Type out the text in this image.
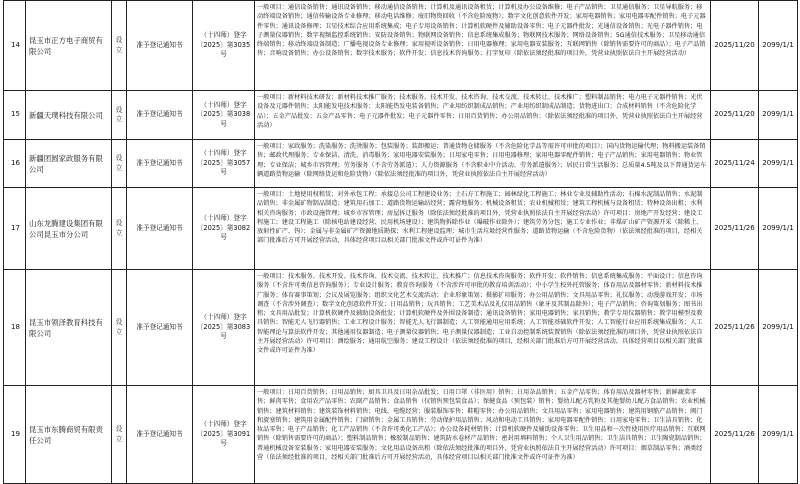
14	昆玉市正方电子商贸有限公司	设立	准予登记通知书	（十四师）登字〔2025〕第3035号	一般项目：通信设备销售；通讯设备销售；移动通信设备销售；计算机及通讯设备租赁；计算机及办公设备维修；电子产品销售；卫星通信服务；卫星导航服务；移动终端设备销售；通信传输设备专业修理；移动电话维修；废旧物资回收（不含危险废物）；数字文化创意软件开发；家用电器销售；家用电器零配件销售；电子元器件零售；通讯设备修理；卫星技术综合应用系统集成；电子专用设备销售；计算机软硬件及辅助设备零售；电子元器件批发；光通信设备销售；光电子器件销售；电子测量仪器销售；数字视频监控系统销售；安防设备销售；物联网设备销售；信息系统集成服务；物联网技术服务；网络设备销售；5G通信技术服务；卫星移动通信终端销售；移动终端设备制造；广播电视设备专业修理；家用视听设备销售；日用电器修理；家用电器安装服务；互联网销售（除销售需要许可的商品）；电子产品销售；音响设备销售；办公设备销售；数字技术服务；软件开发；信息技术咨询服务；打字复印（除依法须经批准的项目外，凭营业执照依法自主开展经营活动）	2025/11/20	2099/1/1
15	新疆天璞科技有限公司	设立	准予登记通知书	（十四师）登字〔2025〕第3038号	一般项目：新材料技术研发；新材料技术推广服务；技术服务、技术开发、技术咨询、技术交流、技术转让、技术推广；塑料制品销售；电力电子元器件销售；光伏设备及元器件销售；太阳能发电技术服务；太阳能热发电装备销售；产业用纺织制成品销售；产业用纺织制成品制造；货物进出口；合成材料销售（不含危险化学品）；五金产品批发；五金产品零售；电子元器件批发；电子元器件零售；日用百货销售；办公用品销售；（除依法须经批准的项目外，凭营业执照依法自主开展经营活动）	2025/11/20	2099/1/1
16	新疆团圆家政服务有限公司	设立	准予登记通知书	（十四师）登字〔2025〕第3057号	一般项目：家政服务；洗染服务；洗烫服务；包装服务；装卸搬运；普通货物仓储服务（不含危险化学品等需许可审批的项目）；国内货物运输代理；物料搬运装备销售；邮政代理服务；专业保洁、清洗、消毒服务；家用电器安装服务；日用家电零售；日用电器修理；家用电器零配件销售；电子产品销售；家用电器销售；物业管理；专业保洁；城乡市容管理；劳务服务（不含劳务派遣）；人力资源服务（不含职业中介活动、劳务派遣服务）；居民日常生活服务；总质量4.5吨及以下普通货运车辆道路货物运输（除网络货运和危险货物）（除依法须经批准的项目外，凭营业执照依法自主开展经营活动）	2025/11/24	2099/1/1
17	山东龙腾建设集团有限公司昆玉市分公司	设立	准予登记通知书	（十四师）登字〔2025〕第3082号	一般项目：土地使用权租赁；对外承包工程；承接总公司工程建设业务；土石方工程施工；园林绿化工程施工；林业专业及辅助性活动；石棉水泥制品销售；水泥制品销售；非金属矿物制品制造；建筑用石加工；道路货物运输站经营；露营地服务；机械设备租赁；农业机械租赁；建筑工程机械与设备租赁；特种设备出租；水利相关咨询服务；市政设施管理；城乡市容管理；房屋拆迁服务（除依法须经批准的项目外，凭营业执照依法自主开展经营活动）许可项目：房地产开发经营；建设工程施工；建设工程施工（除核电站建设经营、民用机场建设）；建筑物拆除作业（爆破作业除外）；建筑劳务分包；施工专业作业；非煤矿山矿产资源开采（除稀土、放射性矿产、钨）；金属与非金属矿产资源地质勘探；水利工程建设监理；城市生活垃圾经营性服务；道路货物运输（不含危险货物）（依法须经批准的项目，经相关部门批准后方可开展经营活动，具体经营项目以相关部门批准文件或许可证件为准）	2025/11/26	2099/1/1
18	昆玉市领泽教育科技有限公司	设立	准予登记通知书	（十四师）登字〔2025〕第3083号	一般项目：技术服务、技术开发、技术咨询、技术交流、技术转让、技术推广；信息技术咨询服务；软件开发；软件销售；信息系统集成服务；平面设计；信息咨询服务（不含许可类信息咨询服务）；专业设计服务；教育咨询服务（不含涉许可审批的教育培训活动）；中小学生校外托管服务；体育用品及器材零售；新材料技术推广服务；体育赛事策划；会议及展览服务；组织文化艺术交流活动；企业形象策划；摄影扩印服务；办公用品销售；文具用品零售；礼仪服务；动漫游戏开发；市场调查（不含涉外调查）；数字文化创意软件开发；日用品销售；玩具销售；工艺美术品及礼仪用品销售（象牙及其制品除外）；电子产品销售；咨询策划服务；图书出租；文具用品批发；计算机软硬件及辅助设备批发；计算机软硬件及外围设备制造；通讯设备销售；家用电器销售；家具销售；教学专用仪器销售；教学用模型及教具销售；智能无人飞行器销售；工业工程设计服务；智能无人飞行器制造；人工智能通用应用系统；人工智能基础软件开发；人工智能行业应用系统集成服务；人工智能理论与算法软件开发；其他通用仪器制造；电子测量仪器销售；电子测量仪器制造；工业自动控制系统装置销售（除依法须经批准的项目外，凭营业执照依法自主开展经营活动）许可项目：测绘服务；通用航空服务；建设工程设计（依法须经批准的项目，经相关部门批准后方可开展经营活动，具体经营项目以相关部门批准文件或许可证件为准）	2025/11/26	2099/1/1
19	昆玉市东腾商贸有限责任公司	设立	准予登记通知书	（十四师）登字〔2025〕第3091号	一般项目：日用百货销售；日用品销售；厨具卫具及日用杂品批发；日用口罩（非医用）销售；日用杂品销售；五金产品零售；体育用品及器材零售；新鲜蔬菜零售；鲜肉零售；食用农产品零售；农副产品销售；食品销售（仅销售预包装食品）；保健食品（预包装）销售；婴幼儿配方乳粉及其他婴幼儿配方食品销售；农业机械销售；建筑材料销售；建筑装饰材料销售；电线、电缆经营；服装服饰零售；鞋帽零售；办公用品销售；文具用品零售；家用电器销售；建筑用钢筋产品销售；阀门和旋塞销售；建筑用金属配件销售；门窗销售；金属工具销售；劳动保护用品销售；风动和电动工具销售；家用电器零配件销售；日用家电零售；卫生洁具销售；化妆品零售；电子产品销售；化工产品销售（不含许可类化工产品）；办公设备耗材销售；计算机软硬件及辅助设备零售；卫生用品和一次性使用医疗用品销售；互联网销售（除销售需要许可的商品）；塑料制品销售；橡胶制品销售；建筑防水卷材产品销售；密封用填料销售；个人卫生用品销售；卫生洁具销售；卫生陶瓷制品销售；普通机械设备安装服务；家用电器安装服务；文化用品设备出租（除依法须经批准的项目外，凭营业执照依法自主开展经营活动）许可项目：烟草制品零售；酒类经营（依法须经批准的项目，经相关部门批准后方可开展经营活动，具体经营项目以相关部门批准文件或许可证件为准）	2025/11/26	2099/1/1
